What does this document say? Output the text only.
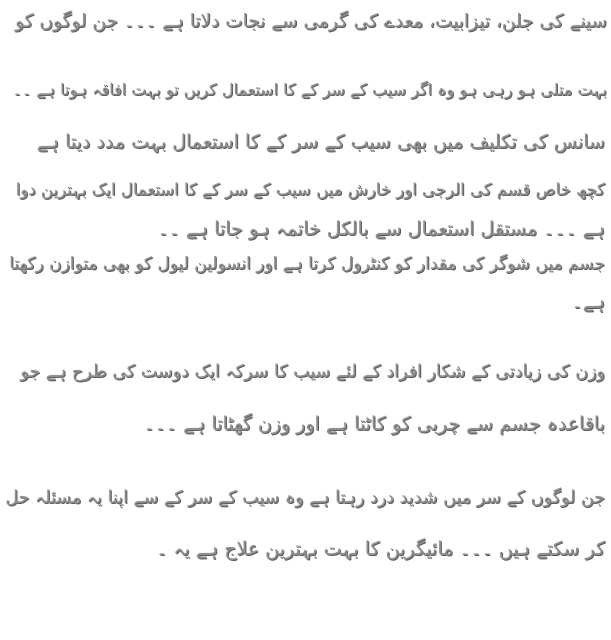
سینے کی جلن، تیزابیت، معدے کی گرمی سے نجات دلاتا ہے ۔۔۔ جن لوگوں کو
بہت متلی ہو رہی ہو وہ اگر سیب کے سر کے کا استعمال کریں تو بہت افاقہ ہوتا ہے ۔۔
سانس کی تکلیف میں بھی سیب کے سر کے کا استعمال بہت مدد دیتا ہے
کچھ خاص قسم کی الرجی اور خارش میں سیب کے سر کے کا استعمال ایک بہترین دوا
ہے ۔۔۔ مستقل استعمال سے بالکل خاتمہ ہو جاتا ہے ۔۔
جسم میں شوگر کی مقدار کو کنٹرول کرتا ہے اور انسولین لیول کو بھی متوازن رکھتا
ہے۔
وزن کی زیادتی کے شکار افراد کے لئے سیب کا سرکہ ایک دوست کی طرح ہے جو
باقاعدہ جسم سے چربی کو کاٹتا ہے اور وزن گھٹاتا ہے ۔۔۔
جن لوگوں کے سر میں شدید درد رہتا ہے وہ سیب کے سر کے سے اپنا یہ مسئلہ حل
کر سکتے ہیں ۔۔۔ مائیگرین کا بہت بہترین علاج ہے یہ ۔
